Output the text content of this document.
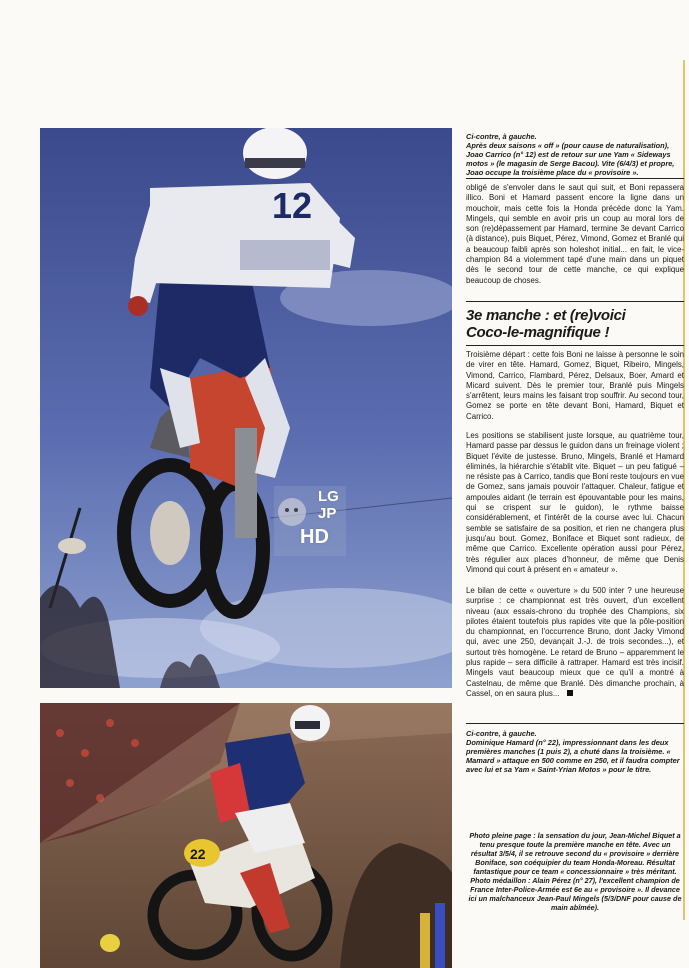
12
LG
JP
HD
22

Ci-contre, à gauche.
Après deux saisons « off » (pour cause de naturalisation), Joao Carrico (n° 12) est de retour sur une Yam « Sideways motos » (le magasin de Serge Bacou). Vite (6/4/3) et propre, Joao occupe la troisième place du « provisoire ».

obligé de s'envoler dans le saut qui suit, et Boni repassera illico. Boni et Hamard passent encore la ligne dans un mouchoir, mais cette fois la Honda précède donc la Yam. Mingels, qui semble en avoir pris un coup au moral lors de son (re)dépassement par Hamard, termine 3e devant Carrico (à distance), puis Biquet, Pérez, Vimond, Gomez et Branlé qui a beaucoup faibli après son holeshot initial... en fait, le vice-champion 84 a violemment tapé d'une main dans un piquet dès le second tour de cette manche, ce qui explique beaucoup de choses.

3e manche : et (re)voici
Coco-le-magnifique !

Troisième départ : cette fois Boni ne laisse à personne le soin de virer en tête. Hamard, Gomez, Biquet, Ribeiro, Mingels, Vimond, Carrico, Flambard, Pérez, Delsaux, Boer, Amard et Micard suivent. Dès le premier tour, Branlé puis Mingels s'arrêtent, leurs mains les faisant trop souffrir. Au second tour, Gomez se porte en tête devant Boni, Hamard, Biquet et Carrico.

Les positions se stabilisent juste lorsque, au quatrième tour, Hamard passe par dessus le guidon dans un freinage violent ; Biquet l'évite de justesse. Bruno, Mingels, Branlé et Hamard éliminés, la hiérarchie s'établit vite. Biquet – un peu fatigué – ne résiste pas à Carrico, tandis que Boni reste toujours en vue de Gomez, sans jamais pouvoir l'attaquer. Chaleur, fatigue et ampoules aidant (le terrain est épouvantable pour les mains, qui se crispent sur le guidon), le rythme baisse considérablement, et l'intérêt de la course avec lui. Chacun semble se satisfaire de sa position, et rien ne changera plus jusqu'au bout. Gomez, Boniface et Biquet sont radieux, de même que Carrico. Excellente opération aussi pour Pérez, très régulier aux places d'honneur, de même que Denis Vimond qui court à présent en « amateur ».

Le bilan de cette « ouverture » du 500 inter ? une heureuse surprise : ce championnat est très ouvert, d'un excellent niveau (aux essais-chrono du trophée des Champions, six pilotes étaient toutefois plus rapides vite que la pôle-position du championnat, en l'occurrence Bruno, dont Jacky Vimond qui, avec une 250, devançait J.-J. de trois secondes...), et surtout très homogène. Le retard de Bruno – apparemment le plus rapide – sera difficile à rattraper. Hamard est très incisif. Mingels vaut beaucoup mieux que ce qu'il a montré à Castelnau, de même que Branlé. Dès dimanche prochain, à Cassel, on en saura plus...

Ci-contre, à gauche.
Dominique Hamard (n° 22), impressionnant dans les deux premières manches (1 puis 2), a chuté dans la troisième. « Mamard » attaque en 500 comme en 250, et il faudra compter avec lui et sa Yam « Saint-Yrian Motos » pour le titre.

Photo pleine page : la sensation du jour, Jean-Michel Biquet a tenu presque toute la première manche en tête. Avec un résultat 3/5/4, il se retrouve second du « provisoire » derrière Boniface, son coéquipier du team Honda-Moreau. Résultat fantastique pour ce team « concessionnaire » très méritant. Photo médaillon : Alain Pérez (n° 27), l'excellent champion de France Inter-Police-Armée est 6e au « provisoire ». Il devance ici un malchanceux Jean-Paul Mingels (5/3/DNF pour cause de main abîmée).
